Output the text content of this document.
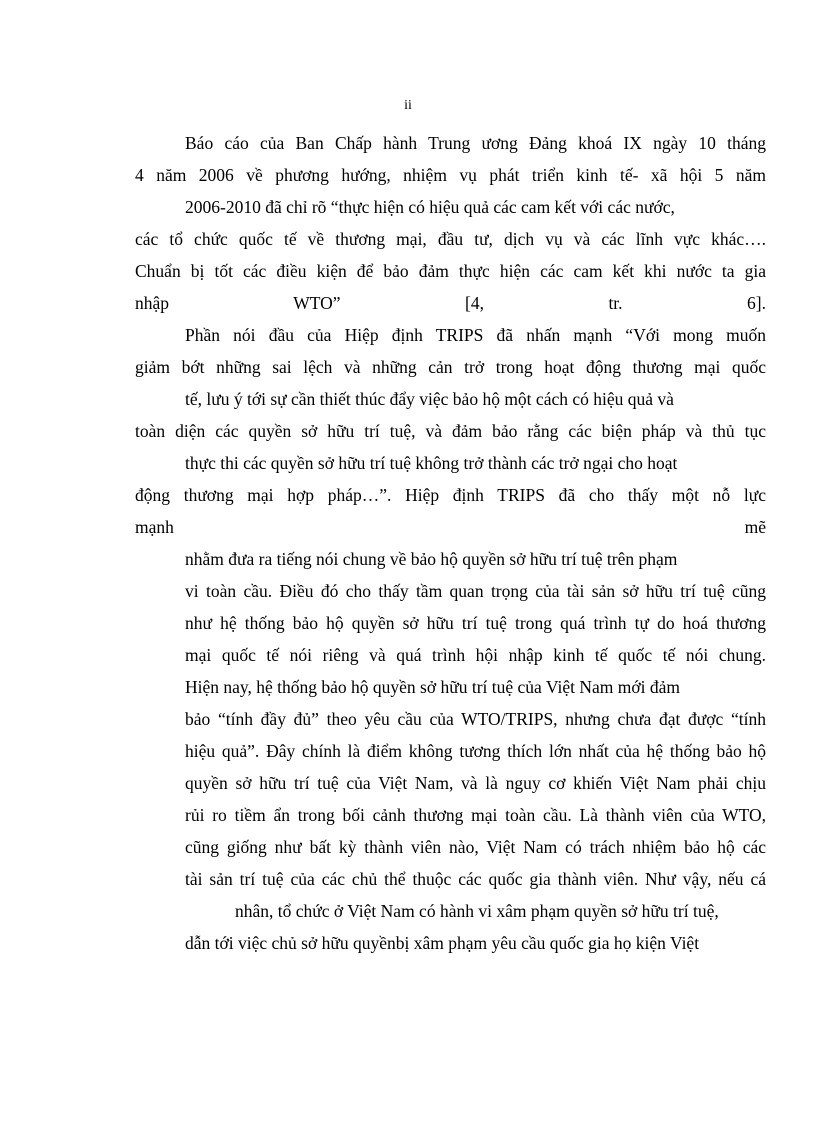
ii
Báo cáo của Ban Chấp hành Trung ương Đảng khoá IX ngày 10 tháng
4 năm 2006 về phương hướng, nhiệm vụ phát triển kinh tế- xã hội 5 năm
2006-2010 đã chỉ rõ “thực hiện có hiệu quả các cam kết với các nước,
các tổ chức quốc tế về thương mại, đầu tư, dịch vụ và các lĩnh vực khác….
Chuẩn bị tốt các điều kiện để bảo đảm thực hiện các cam kết khi nước ta gia
nhập WTO” [4, tr. 6].
Phần nói đầu của Hiệp định TRIPS đã nhấn mạnh “Với mong muốn
giảm bớt những sai lệch và những cản trở trong hoạt động thương mại quốc
tế, lưu ý tới sự cần thiết thúc đẩy việc bảo hộ một cách có hiệu quả và
toàn diện các quyền sở hữu trí tuệ, và đảm bảo rằng các biện pháp và thủ tục
thực thi các quyền sở hữu trí tuệ không trở thành các trở ngại cho hoạt
động thương mại hợp pháp…”. Hiệp định TRIPS đã cho thấy một nỗ lực
mạnh mẽ
nhằm đưa ra tiếng nói chung về bảo hộ quyền sở hữu trí tuệ trên phạm
vi toàn cầu. Điều đó cho thấy tầm quan trọng của tài sản sở hữu trí tuệ cũng
như hệ thống bảo hộ quyền sở hữu trí tuệ trong quá trình tự do hoá thương
mại quốc tế nói riêng và quá trình hội nhập kinh tế quốc tế nói chung.
Hiện nay, hệ thống bảo hộ quyền sở hữu trí tuệ của Việt Nam mới đảm
bảo “tính đầy đủ” theo yêu cầu của WTO/TRIPS, nhưng chưa đạt được “tính
hiệu quả”. Đây chính là điểm không tương thích lớn nhất của hệ thống bảo hộ
quyền sở hữu trí tuệ của Việt Nam, và là nguy cơ khiến Việt Nam phải chịu
rủi ro tiềm ẩn trong bối cảnh thương mại toàn cầu. Là thành viên của WTO,
cũng giống như bất kỳ thành viên nào, Việt Nam có trách nhiệm bảo hộ các
tài sản trí tuệ của các chủ thể thuộc các quốc gia thành viên. Như vậy, nếu cá
nhân, tổ chức ở Việt Nam có hành vi xâm phạm quyền sở hữu trí tuệ,
dẫn tới việc chủ sở hữu quyềnbị xâm phạm yêu cầu quốc gia họ kiện Việt
